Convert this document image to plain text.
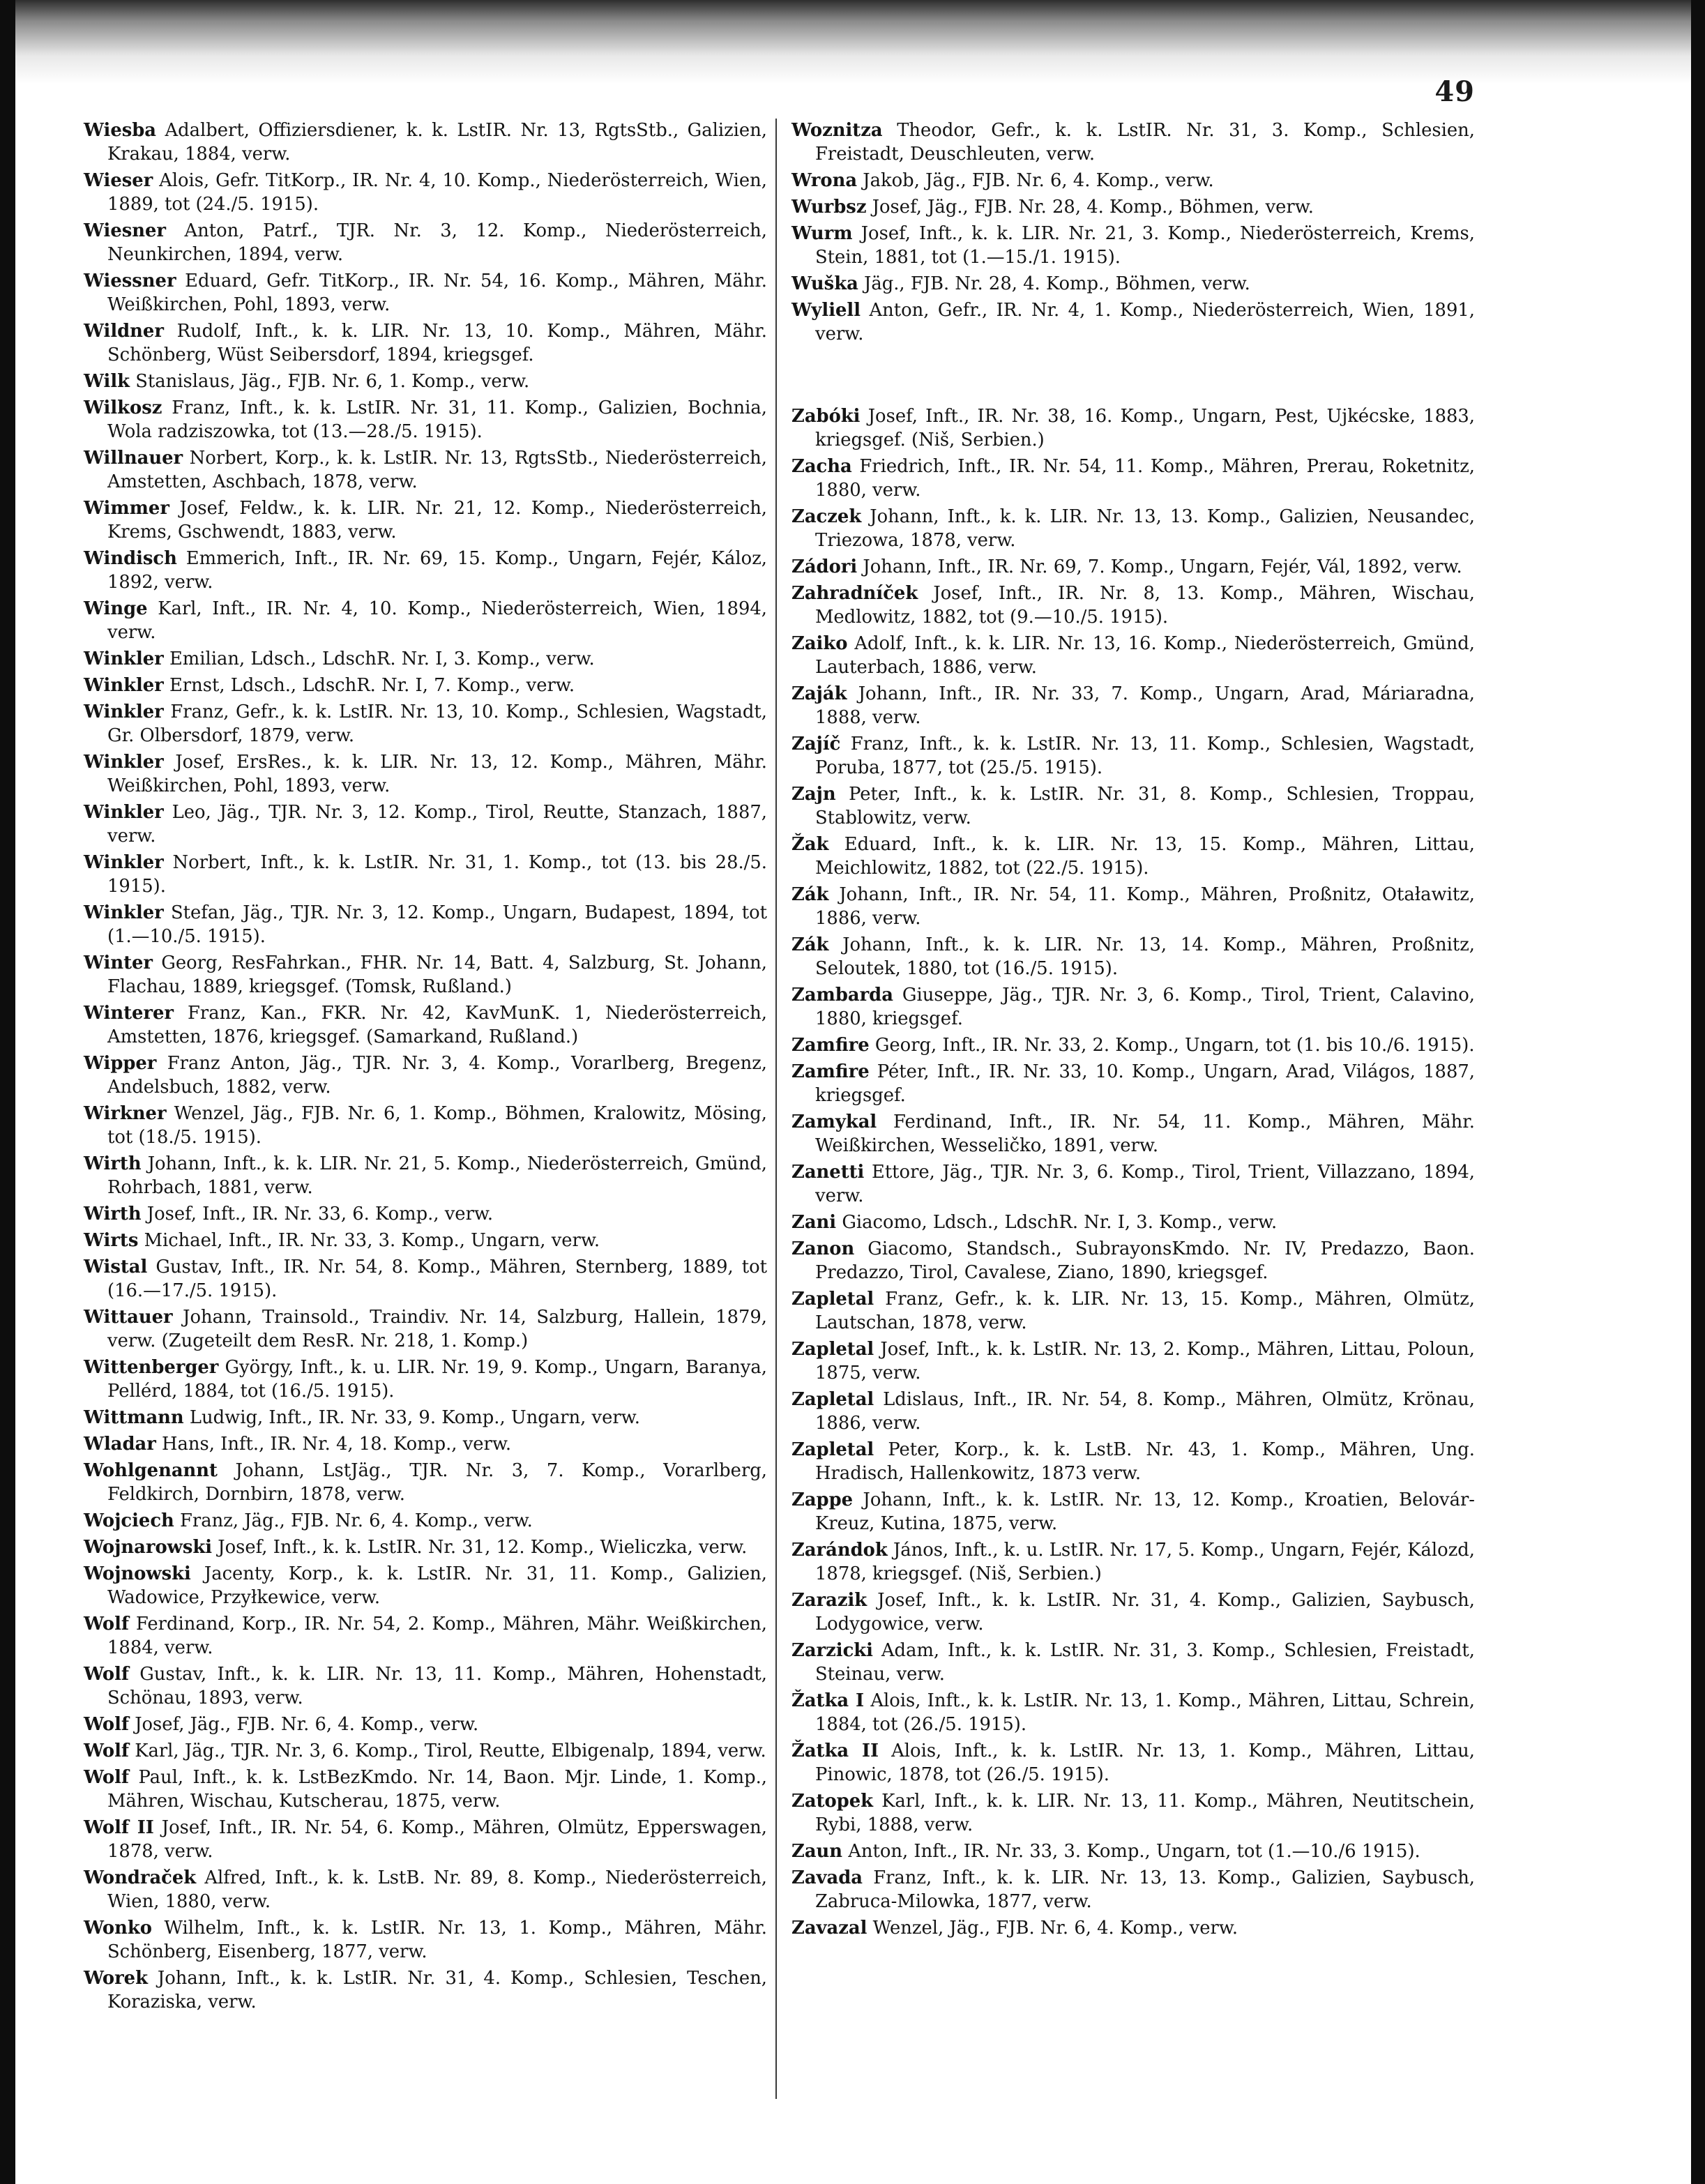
49

Wiesba Adalbert, Offiziersdiener, k. k. LstIR. Nr. 13, RgtsStb., Galizien, Krakau, 1884, verw.

Wieser Alois, Gefr. TitKorp., IR. Nr. 4, 10. Komp., Niederösterreich, Wien, 1889, tot (24./5. 1915).

Wiesner Anton, Patrf., TJR. Nr. 3, 12. Komp., Niederösterreich, Neunkirchen, 1894, verw.

Wiessner Eduard, Gefr. TitKorp., IR. Nr. 54, 16. Komp., Mähren, Mähr. Weißkirchen, Pohl, 1893, verw.

Wildner Rudolf, Inft., k. k. LIR. Nr. 13, 10. Komp., Mähren, Mähr. Schönberg, Wüst Seibersdorf, 1894, kriegsgef.

Wilk Stanislaus, Jäg., FJB. Nr. 6, 1. Komp., verw.

Wilkosz Franz, Inft., k. k. LstIR. Nr. 31, 11. Komp., Galizien, Bochnia, Wola radziszowka, tot (13.—28./5. 1915).

Willnauer Norbert, Korp., k. k. LstIR. Nr. 13, RgtsStb., Niederösterreich, Amstetten, Aschbach, 1878, verw.

Wimmer Josef, Feldw., k. k. LIR. Nr. 21, 12. Komp., Niederösterreich, Krems, Gschwendt, 1883, verw.

Windisch Emmerich, Inft., IR. Nr. 69, 15. Komp., Ungarn, Fejér, Káloz, 1892, verw.

Winge Karl, Inft., IR. Nr. 4, 10. Komp., Niederösterreich, Wien, 1894, verw.

Winkler Emilian, Ldsch., LdschR. Nr. I, 3. Komp., verw.

Winkler Ernst, Ldsch., LdschR. Nr. I, 7. Komp., verw.

Winkler Franz, Gefr., k. k. LstIR. Nr. 13, 10. Komp., Schlesien, Wagstadt, Gr. Olbersdorf, 1879, verw.

Winkler Josef, ErsRes., k. k. LIR. Nr. 13, 12. Komp., Mähren, Mähr. Weißkirchen, Pohl, 1893, verw.

Winkler Leo, Jäg., TJR. Nr. 3, 12. Komp., Tirol, Reutte, Stanzach, 1887, verw.

Winkler Norbert, Inft., k. k. LstIR. Nr. 31, 1. Komp., tot (13. bis 28./5. 1915).

Winkler Stefan, Jäg., TJR. Nr. 3, 12. Komp., Ungarn, Budapest, 1894, tot (1.—10./5. 1915).

Winter Georg, ResFahrkan., FHR. Nr. 14, Batt. 4, Salzburg, St. Johann, Flachau, 1889, kriegsgef. (Tomsk, Rußland.)

Winterer Franz, Kan., FKR. Nr. 42, KavMunK. 1, Niederösterreich, Amstetten, 1876, kriegsgef. (Samarkand, Rußland.)

Wipper Franz Anton, Jäg., TJR. Nr. 3, 4. Komp., Vorarlberg, Bregenz, Andelsbuch, 1882, verw.

Wirkner Wenzel, Jäg., FJB. Nr. 6, 1. Komp., Böhmen, Kralowitz, Mösing, tot (18./5. 1915).

Wirth Johann, Inft., k. k. LIR. Nr. 21, 5. Komp., Niederösterreich, Gmünd, Rohrbach, 1881, verw.

Wirth Josef, Inft., IR. Nr. 33, 6. Komp., verw.

Wirts Michael, Inft., IR. Nr. 33, 3. Komp., Ungarn, verw.

Wistal Gustav, Inft., IR. Nr. 54, 8. Komp., Mähren, Sternberg, 1889, tot (16.—17./5. 1915).

Wittauer Johann, Trainsold., Traindiv. Nr. 14, Salzburg, Hallein, 1879, verw. (Zugeteilt dem ResR. Nr. 218, 1. Komp.)

Wittenberger György, Inft., k. u. LIR. Nr. 19, 9. Komp., Ungarn, Baranya, Pellérd, 1884, tot (16./5. 1915).

Wittmann Ludwig, Inft., IR. Nr. 33, 9. Komp., Ungarn, verw.

Wladar Hans, Inft., IR. Nr. 4, 18. Komp., verw.

Wohlgenannt Johann, LstJäg., TJR. Nr. 3, 7. Komp., Vorarlberg, Feldkirch, Dornbirn, 1878, verw.

Wojciech Franz, Jäg., FJB. Nr. 6, 4. Komp., verw.

Wojnarowski Josef, Inft., k. k. LstIR. Nr. 31, 12. Komp., Wieliczka, verw.

Wojnowski Jacenty, Korp., k. k. LstIR. Nr. 31, 11. Komp., Galizien, Wadowice, Przyłkewice, verw.

Wolf Ferdinand, Korp., IR. Nr. 54, 2. Komp., Mähren, Mähr. Weißkirchen, 1884, verw.

Wolf Gustav, Inft., k. k. LIR. Nr. 13, 11. Komp., Mähren, Hohenstadt, Schönau, 1893, verw.

Wolf Josef, Jäg., FJB. Nr. 6, 4. Komp., verw.

Wolf Karl, Jäg., TJR. Nr. 3, 6. Komp., Tirol, Reutte, Elbigenalp, 1894, verw.

Wolf Paul, Inft., k. k. LstBezKmdo. Nr. 14, Baon. Mjr. Linde, 1. Komp., Mähren, Wischau, Kutscherau, 1875, verw.

Wolf II Josef, Inft., IR. Nr. 54, 6. Komp., Mähren, Olmütz, Epperswagen, 1878, verw.

Wondraček Alfred, Inft., k. k. LstB. Nr. 89, 8. Komp., Niederösterreich, Wien, 1880, verw.

Wonko Wilhelm, Inft., k. k. LstIR. Nr. 13, 1. Komp., Mähren, Mähr. Schönberg, Eisenberg, 1877, verw.

Worek Johann, Inft., k. k. LstIR. Nr. 31, 4. Komp., Schlesien, Teschen, Koraziska, verw.

Woznitza Theodor, Gefr., k. k. LstIR. Nr. 31, 3. Komp., Schlesien, Freistadt, Deuschleuten, verw.

Wrona Jakob, Jäg., FJB. Nr. 6, 4. Komp., verw.

Wurbsz Josef, Jäg., FJB. Nr. 28, 4. Komp., Böhmen, verw.

Wurm Josef, Inft., k. k. LIR. Nr. 21, 3. Komp., Niederösterreich, Krems, Stein, 1881, tot (1.—15./1. 1915).

Wuška Jäg., FJB. Nr. 28, 4. Komp., Böhmen, verw.

Wyliell Anton, Gefr., IR. Nr. 4, 1. Komp., Niederösterreich, Wien, 1891, verw.

Zabóki Josef, Inft., IR. Nr. 38, 16. Komp., Ungarn, Pest, Ujkécske, 1883, kriegsgef. (Niš, Serbien.)

Zacha Friedrich, Inft., IR. Nr. 54, 11. Komp., Mähren, Prerau, Roketnitz, 1880, verw.

Zaczek Johann, Inft., k. k. LIR. Nr. 13, 13. Komp., Galizien, Neusandec, Triezowa, 1878, verw.

Zádori Johann, Inft., IR. Nr. 69, 7. Komp., Ungarn, Fejér, Vál, 1892, verw.

Zahradníček Josef, Inft., IR. Nr. 8, 13. Komp., Mähren, Wischau, Medlowitz, 1882, tot (9.—10./5. 1915).

Zaiko Adolf, Inft., k. k. LIR. Nr. 13, 16. Komp., Niederösterreich, Gmünd, Lauterbach, 1886, verw.

Zaják Johann, Inft., IR. Nr. 33, 7. Komp., Ungarn, Arad, Máriaradna, 1888, verw.

Zajíč Franz, Inft., k. k. LstIR. Nr. 13, 11. Komp., Schlesien, Wagstadt, Poruba, 1877, tot (25./5. 1915).

Zajn Peter, Inft., k. k. LstIR. Nr. 31, 8. Komp., Schlesien, Troppau, Stablowitz, verw.

Žak Eduard, Inft., k. k. LIR. Nr. 13, 15. Komp., Mähren, Littau, Meichlowitz, 1882, tot (22./5. 1915).

Zák Johann, Inft., IR. Nr. 54, 11. Komp., Mähren, Proßnitz, Otaławitz, 1886, verw.

Zák Johann, Inft., k. k. LIR. Nr. 13, 14. Komp., Mähren, Proßnitz, Seloutek, 1880, tot (16./5. 1915).

Zambarda Giuseppe, Jäg., TJR. Nr. 3, 6. Komp., Tirol, Trient, Calavino, 1880, kriegsgef.

Zamfire Georg, Inft., IR. Nr. 33, 2. Komp., Ungarn, tot (1. bis 10./6. 1915).

Zamfire Péter, Inft., IR. Nr. 33, 10. Komp., Ungarn, Arad, Világos, 1887, kriegsgef.

Zamykal Ferdinand, Inft., IR. Nr. 54, 11. Komp., Mähren, Mähr. Weißkirchen, Wesseličko, 1891, verw.

Zanetti Ettore, Jäg., TJR. Nr. 3, 6. Komp., Tirol, Trient, Villazzano, 1894, verw.

Zani Giacomo, Ldsch., LdschR. Nr. I, 3. Komp., verw.

Zanon Giacomo, Standsch., SubrayonsKmdo. Nr. IV, Predazzo, Baon. Predazzo, Tirol, Cavalese, Ziano, 1890, kriegsgef.

Zapletal Franz, Gefr., k. k. LIR. Nr. 13, 15. Komp., Mähren, Olmütz, Lautschan, 1878, verw.

Zapletal Josef, Inft., k. k. LstIR. Nr. 13, 2. Komp., Mähren, Littau, Poloun, 1875, verw.

Zapletal Ldislaus, Inft., IR. Nr. 54, 8. Komp., Mähren, Olmütz, Krönau, 1886, verw.

Zapletal Peter, Korp., k. k. LstB. Nr. 43, 1. Komp., Mähren, Ung. Hradisch, Hallenkowitz, 1873 verw.

Zappe Johann, Inft., k. k. LstIR. Nr. 13, 12. Komp., Kroatien, Belovár-Kreuz, Kutina, 1875, verw.

Zarándok János, Inft., k. u. LstIR. Nr. 17, 5. Komp., Ungarn, Fejér, Kálozd, 1878, kriegsgef. (Niš, Serbien.)

Zarazik Josef, Inft., k. k. LstIR. Nr. 31, 4. Komp., Galizien, Saybusch, Lodygowice, verw.

Zarzicki Adam, Inft., k. k. LstIR. Nr. 31, 3. Komp., Schlesien, Freistadt, Steinau, verw.

Žatka I Alois, Inft., k. k. LstIR. Nr. 13, 1. Komp., Mähren, Littau, Schrein, 1884, tot (26./5. 1915).

Žatka II Alois, Inft., k. k. LstIR. Nr. 13, 1. Komp., Mähren, Littau, Pinowic, 1878, tot (26./5. 1915).

Zatopek Karl, Inft., k. k. LIR. Nr. 13, 11. Komp., Mähren, Neutitschein, Rybi, 1888, verw.

Zaun Anton, Inft., IR. Nr. 33, 3. Komp., Ungarn, tot (1.—10./6 1915).

Zavada Franz, Inft., k. k. LIR. Nr. 13, 13. Komp., Galizien, Saybusch, Zabruca-Milowka, 1877, verw.

Zavazal Wenzel, Jäg., FJB. Nr. 6, 4. Komp., verw.
